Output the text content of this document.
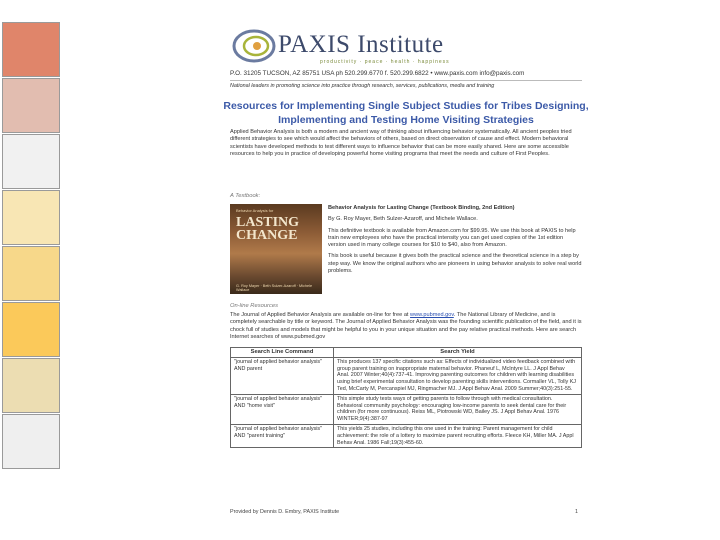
PAXIS Institute
productivity · peace · health · happiness
P.O. 31205 TUCSON, AZ 85751 USA ph 520.299.6770 f. 520.299.6822 • www.paxis.com info@paxis.com
National leaders in promoting science into practice through research, services, publications, media and training
Resources for Implementing Single Subject Studies for Tribes Designing, Implementing and Testing Home Visiting Strategies
Applied Behavior Analysis is both a modern and ancient way of thinking about influencing behavior systematically. All ancient peoples tried different strategies to see which would affect the behaviors of others, based on direct observation of cause and effect. Modern behavioral scientists have developed methods to test different ways to influence behavior that can be more easily shared. Here are some accessible resources to help you in practice of developing powerful home visiting programs that meet the needs and culture of First Peoples.
A Textbook:
Behavior Analysis for
LASTING CHANGE
G. Roy Mayer · Beth Sulzer-Azaroff · Michele Wallace

Behavior Analysis for Lasting Change (Textbook Binding, 2nd Edition)

By G. Roy Mayer, Beth Sulzer-Azaroff, and Michele Wallace.

This definitive textbook is available from Amazon.com for $99.95. We use this book at PAXIS to help train new employees who have the practical intensity you can get used copies of the 1st edition version used in many college courses for $10 to $40, also from Amazon.

This book is useful because it gives both the practical science and the theoretical science in a step by step way. We know the original authors who are pioneers in using behavior analysis to solve real world problems.

On-line Resources
The Journal of Applied Behavior Analysis are available on-line for free at www.pubmed.gov. The National Library of Medicine, and is completely searchable by title or keyword. The Journal of Applied Behavior Analysis was the founding scientific publication of the field, and it is chock full of studies and models that might be helpful to you in your unique situation and the pay relative practical methods. Here are search Internet searches of www.pubmed.gov
Search Line Command	Search Yield
"journal of applied behavior analysis" AND parent	This produces 137 specific citations such as: Effects of individualized video feedback combined with group parent training on inappropriate maternal behavior. Phaneuf L, McIntyre LL. J Appl Behav Anal. 2007 Winter;40(4):737-41. Improving parenting outcomes for children with learning disabilities using brief experimental consultation to develop parenting skills interventions. Cormaller VL, Tolly KJ Ted, McCarty M, Percanspiel MJ, Ringmacher MJ. J Appl Behav Anal. 2009 Summer;40(3):251-55.
"journal of applied behavior analysis" AND "home visit"	This simple study tests ways of getting parents to follow through with medical consultation. Behavioral community psychology: encouraging low-income parents to seek dental care for their children (for more continuous). Reiss ML, Piotrowski WD, Bailey JS. J Appl Behav Anal. 1976 WINTER;9(4):387-97
"journal of applied behavior analysis" AND "parent training"	This yields 25 studies, including this one used in the training: Parent management for child achievement: the role of a lottery to maximize parent recruiting efforts. Fleece KH, Miller MA. J Appl Behav Anal. 1986 Fall;19(3):455-60.
Provided by Dennis D. Embry, PAXIS Institute	1
